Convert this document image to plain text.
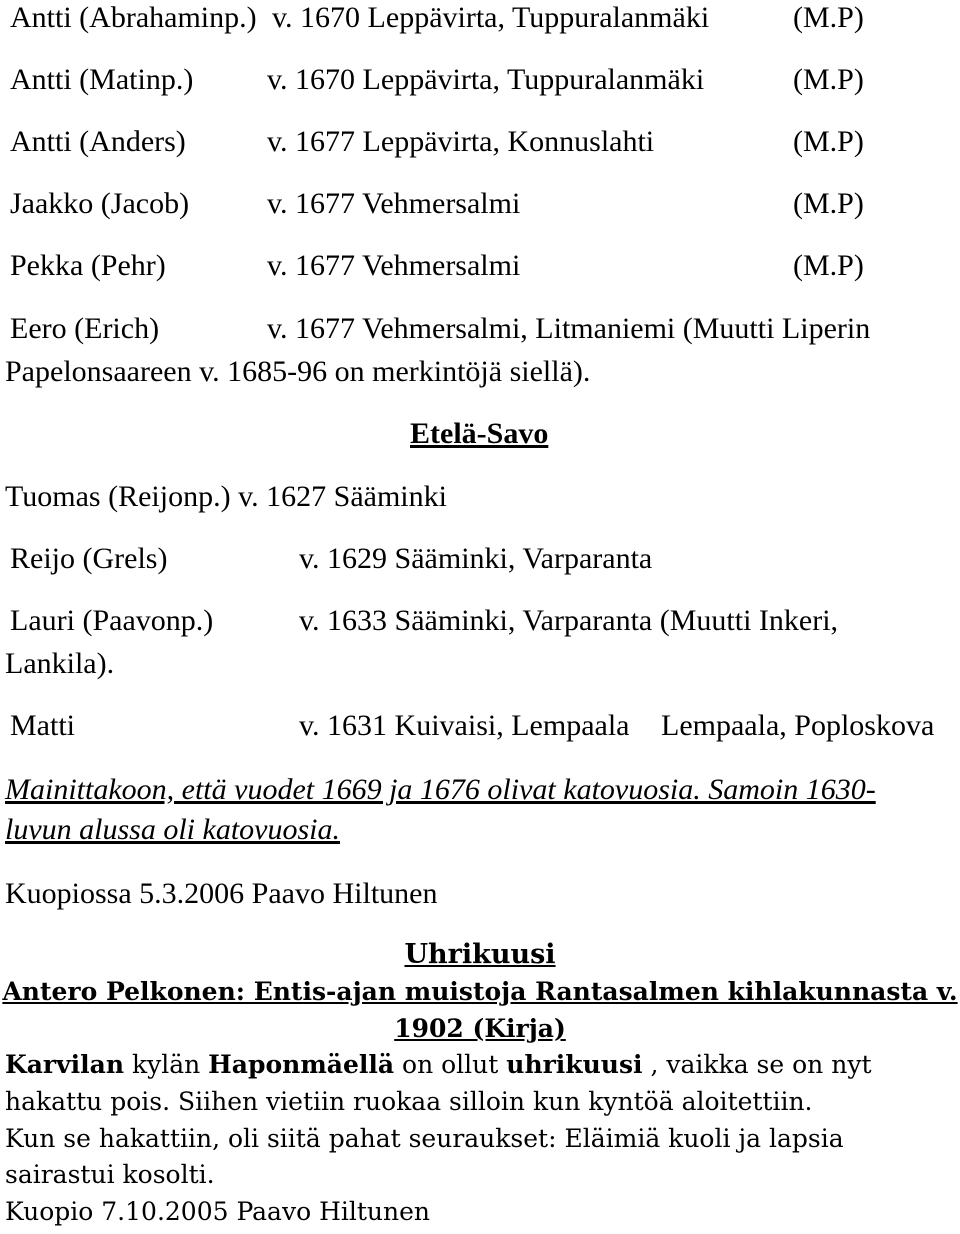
Antti (Abrahaminp.) v. 1670 Leppävirta, Tuppuralanmäki	(M.P)
Antti (Matinp.) v. 1670 Leppävirta, Tuppuralanmäki	(M.P)
Antti (Anders)	v. 1677 Leppävirta, Konnuslahti	(M.P)
Jaakko (Jacob)	v. 1677 Vehmersalmi	(M.P)
Pekka (Pehr)	v. 1677 Vehmersalmi	(M.P)
Eero (Erich)	v. 1677 Vehmersalmi, Litmaniemi (Muutti Liperin
Papelonsaareen v. 1685-96 on merkintöjä siellä).
Etelä-Savo
Tuomas (Reijonp.) v. 1627 Sääminki
Reijo (Grels)	v. 1629 Sääminki, Varparanta
Lauri (Paavonp.)	v. 1633 Sääminki, Varparanta (Muutti Inkeri,
Lankila).
Matti	v. 1631 Kuivaisi, Lempaala Lempaala, Poploskova
Mainittakoon, että vuodet 1669 ja 1676 olivat katovuosia. Samoin 1630-
luvun alussa oli katovuosia.
Kuopiossa 5.3.2006 Paavo Hiltunen
Uhrikuusi
Antero Pelkonen: Entis-ajan muistoja Rantasalmen kihlakunnasta v.
1902 (Kirja)
Karvilan kylän Haponmäellä on ollut uhrikuusi , vaikka se on nyt
hakattu pois. Siihen vietiin ruokaa silloin kun kyntöä aloitettiin.
Kun se hakattiin, oli siitä pahat seuraukset: Eläimiä kuoli ja lapsia
sairastui kosolti.
Kuopio 7.10.2005 Paavo Hiltunen
